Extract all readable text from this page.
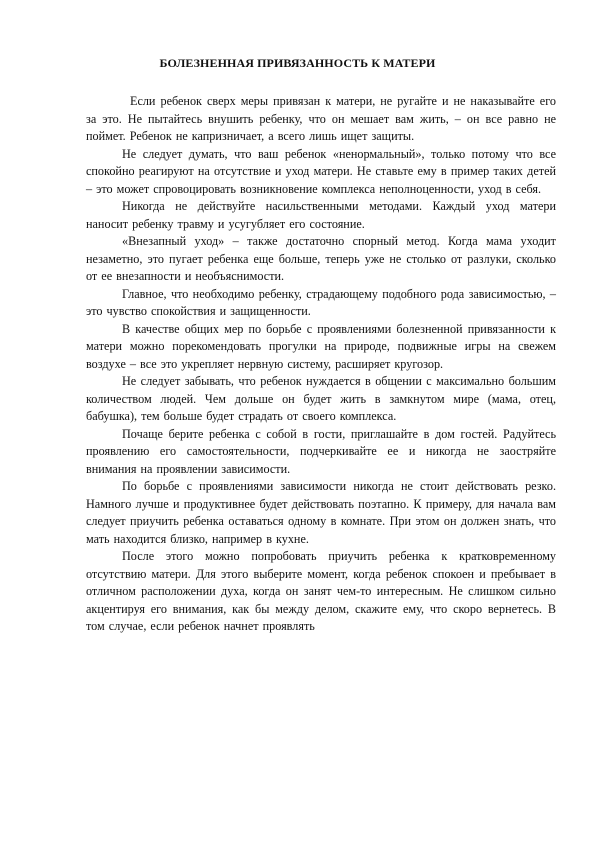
БОЛЕЗНЕННАЯ ПРИВЯЗАННОСТЬ К МАТЕРИ

Если ребенок сверх меры привязан к матери, не ругайте и не наказывайте его за это. Не пытайтесь внушить ребенку, что он мешает вам жить, – он все равно не поймет. Ребенок не капризничает, а всего лишь ищет защиты.

Не следует думать, что ваш ребенок «ненормальный», только потому что все спокойно реагируют на отсутствие и уход матери. Не ставьте ему в пример таких детей – это может спровоцировать возникновение комплекса неполноценности, уход в себя.

Никогда не действуйте насильственными методами. Каждый уход матери наносит ребенку травму и усугубляет его состояние.

«Внезапный уход» – также достаточно спорный метод. Когда мама уходит незаметно, это пугает ребенка еще больше, теперь уже не столько от разлуки, сколько от ее внезапности и необъяснимости.

Главное, что необходимо ребенку, страдающему подобного рода зависимостью, – это чувство спокойствия и защищенности.

В качестве общих мер по борьбе с проявлениями болезненной привязанности к матери можно порекомендовать прогулки на природе, подвижные игры на свежем воздухе – все это укрепляет нервную систему, расширяет кругозор.

Не следует забывать, что ребенок нуждается в общении с максимально большим количеством людей. Чем дольше он будет жить в замкнутом мире (мама, отец, бабушка), тем больше будет страдать от своего комплекса.

Почаще берите ребенка с собой в гости, приглашайте в дом гостей. Радуйтесь проявлению его самостоятельности, подчеркивайте ее и никогда не заостряйте внимания на проявлении зависимости.

По борьбе с проявлениями зависимости никогда не стоит действовать резко. Намного лучше и продуктивнее будет действовать поэтапно. К примеру, для начала вам следует приучить ребенка оставаться одному в комнате. При этом он должен знать, что мать находится близко, например в кухне.

После этого можно попробовать приучить ребенка к кратковременному отсутствию матери. Для этого выберите момент, когда ребенок спокоен и пребывает в отличном расположении духа, когда он занят чем-то интересным. Не слишком сильно акцентируя его внимания, как бы между делом, скажите ему, что скоро вернетесь. В том случае, если ребенок начнет проявлять
